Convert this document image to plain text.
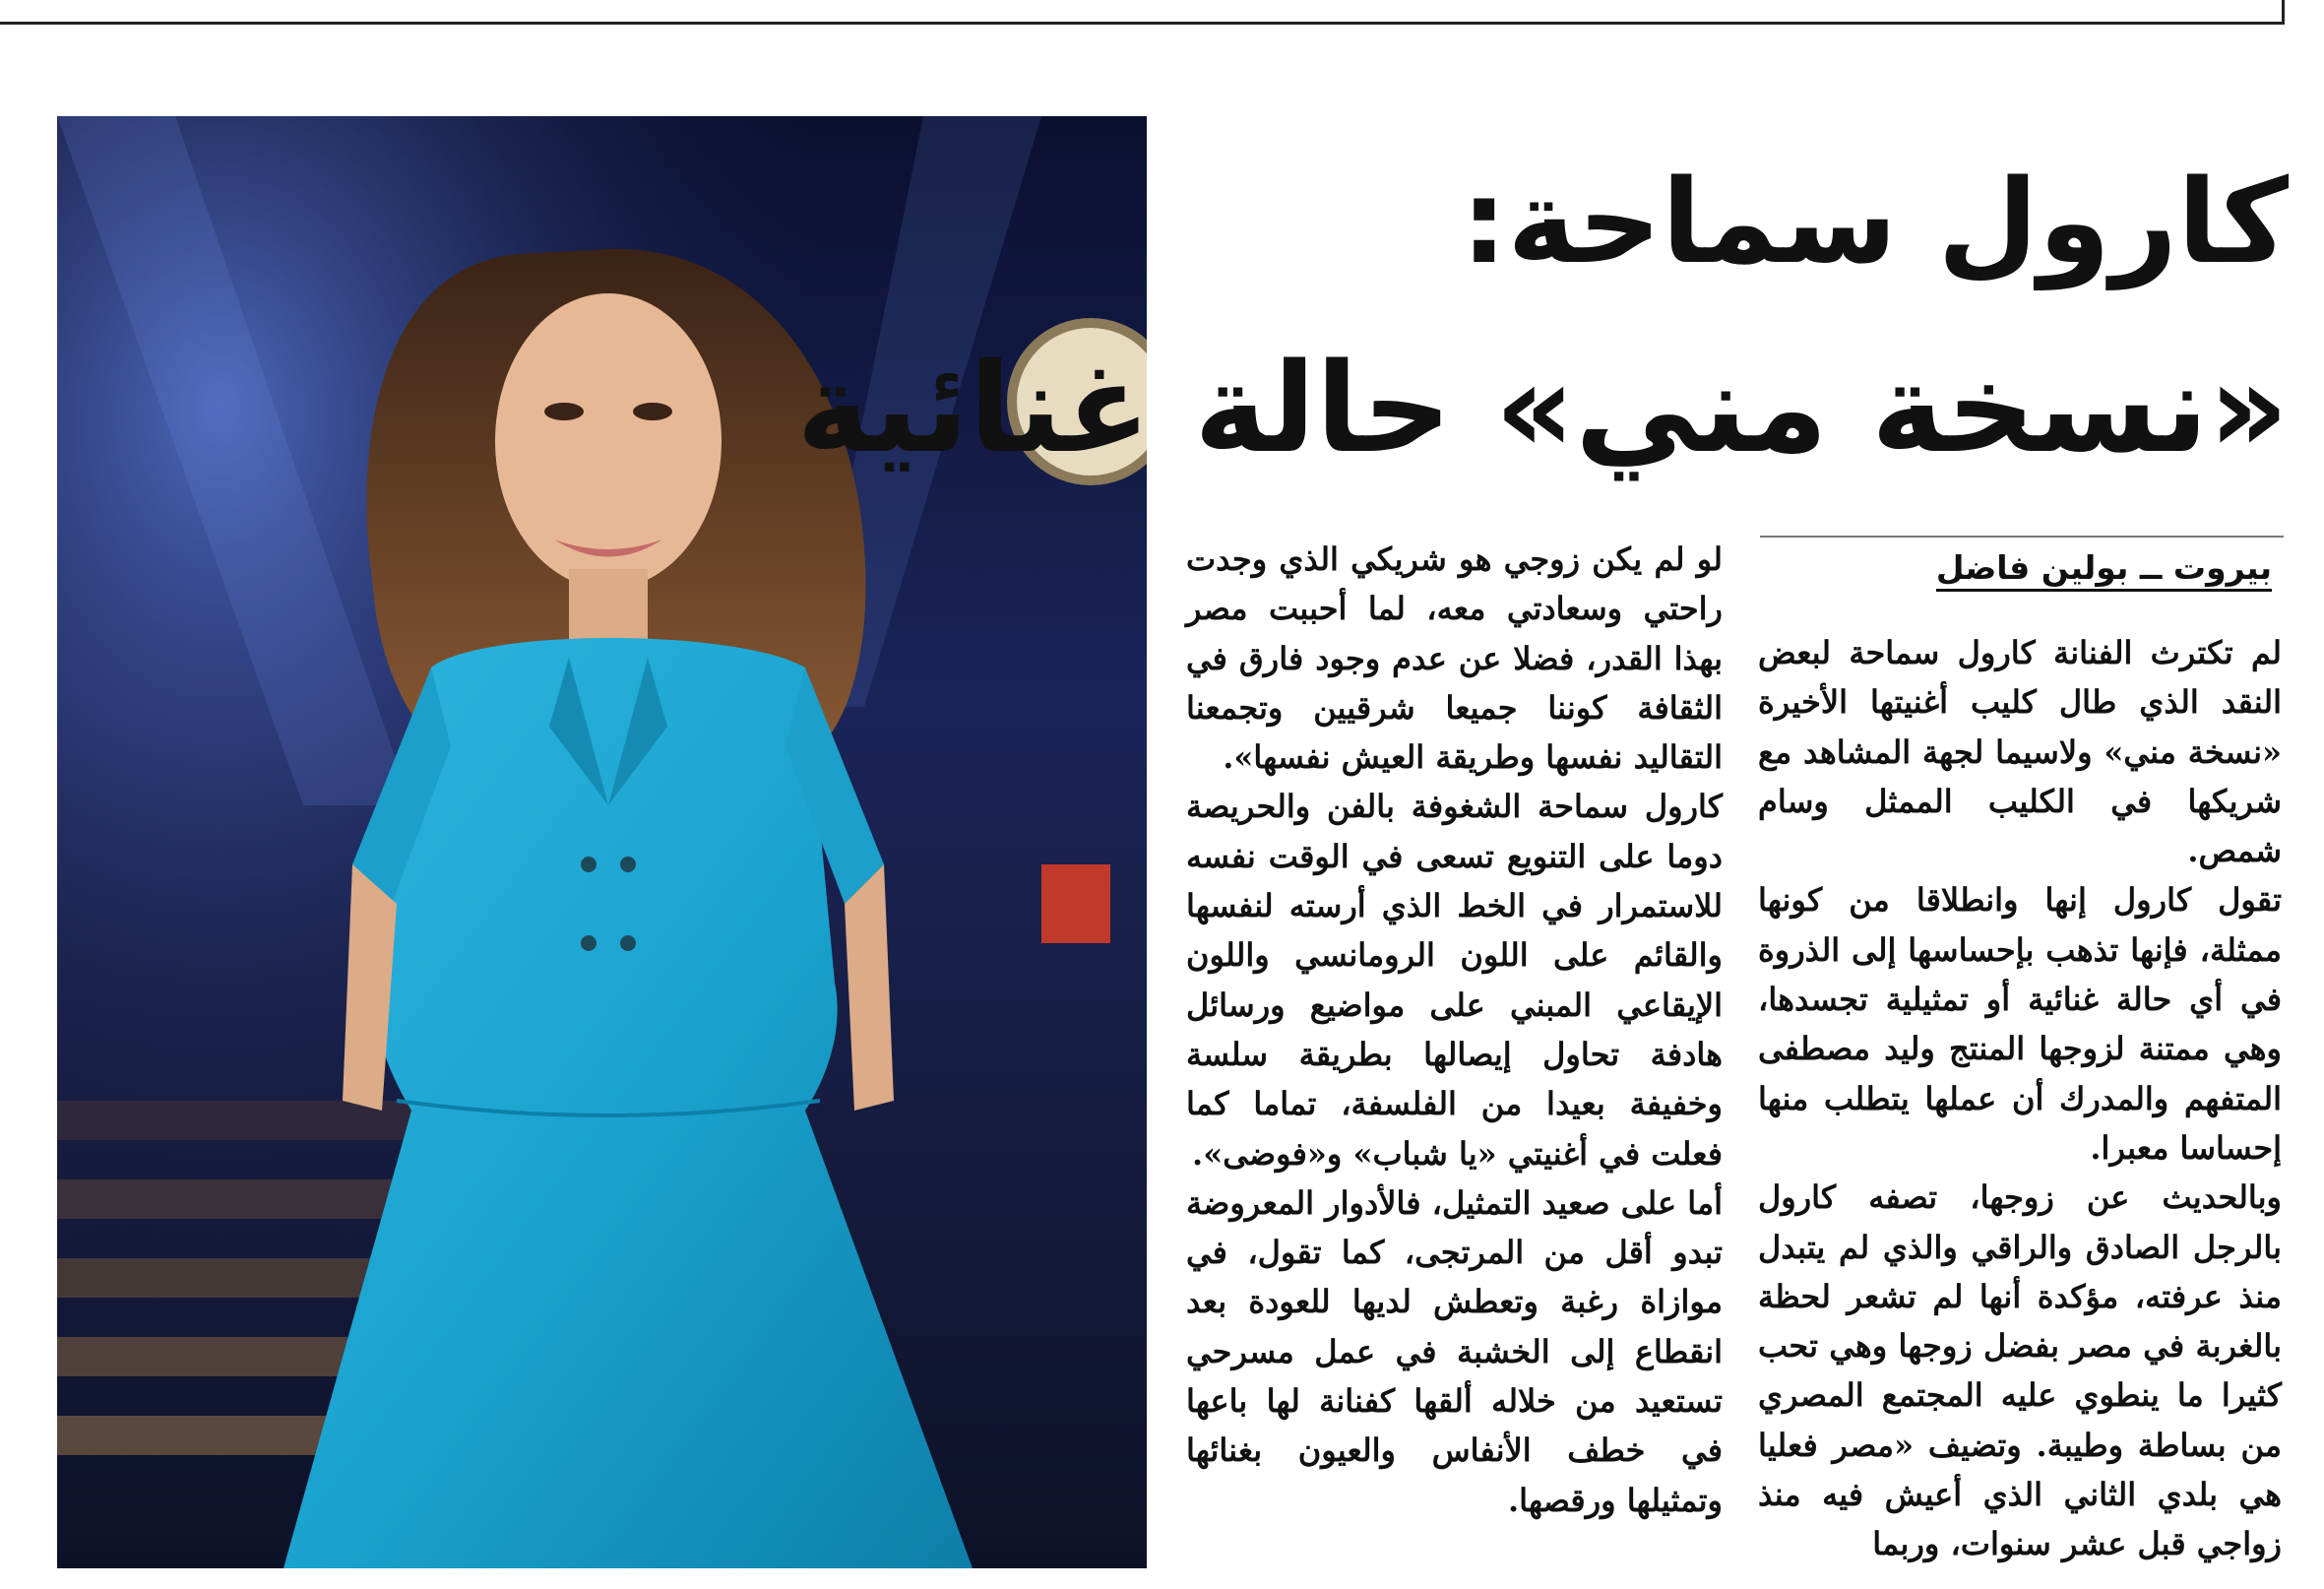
كارول سماحة:
«نسخة مني» حالة غنائية
بيروت ــ بولين فاضل

لم تكترث الفنانة كارول سماحة لبعض النقد الذي طال كليب أغنيتها الأخيرة «نسخة مني» ولاسيما لجهة المشاهد مع شريكها في الكليب الممثل وسام شمص.

تقول كارول إنها وانطلاقا من كونها ممثلة، فإنها تذهب بإحساسها إلى الذروة في أي حالة غنائية أو تمثيلية تجسدها، وهي ممتنة لزوجها المنتج وليد مصطفى المتفهم والمدرك أن عملها يتطلب منها إحساسا معبرا.

وبالحديث عن زوجها، تصفه كارول بالرجل الصادق والراقي والذي لم يتبدل منذ عرفته، مؤكدة أنها لم تشعر لحظة بالغربة في مصر بفضل زوجها وهي تحب كثيرا ما ينطوي عليه المجتمع المصري من بساطة وطيبة. وتضيف «مصر فعليا هي بلدي الثاني الذي أعيش فيه منذ زواجي قبل عشر سنوات، وربما

لو لم يكن زوجي هو شريكي الذي وجدت راحتي وسعادتي معه، لما أحببت مصر بهذا القدر، فضلا عن عدم وجود فارق في الثقافة كوننا جميعا شرقيين وتجمعنا التقاليد نفسها وطريقة العيش نفسها».

كارول سماحة الشغوفة بالفن والحريصة دوما على التنويع تسعى في الوقت نفسه للاستمرار في الخط الذي أرسته لنفسها والقائم على اللون الرومانسي واللون الإيقاعي المبني على مواضيع ورسائل هادفة تحاول إيصالها بطريقة سلسة وخفيفة بعيدا من الفلسفة، تماما كما فعلت في أغنيتي «يا شباب» و«فوضى».

أما على صعيد التمثيل، فالأدوار المعروضة تبدو أقل من المرتجى، كما تقول، في موازاة رغبة وتعطش لديها للعودة بعد انقطاع إلى الخشبة في عمل مسرحي تستعيد من خلاله ألقها كفنانة لها باعها في خطف الأنفاس والعيون بغنائها وتمثيلها ورقصها.
